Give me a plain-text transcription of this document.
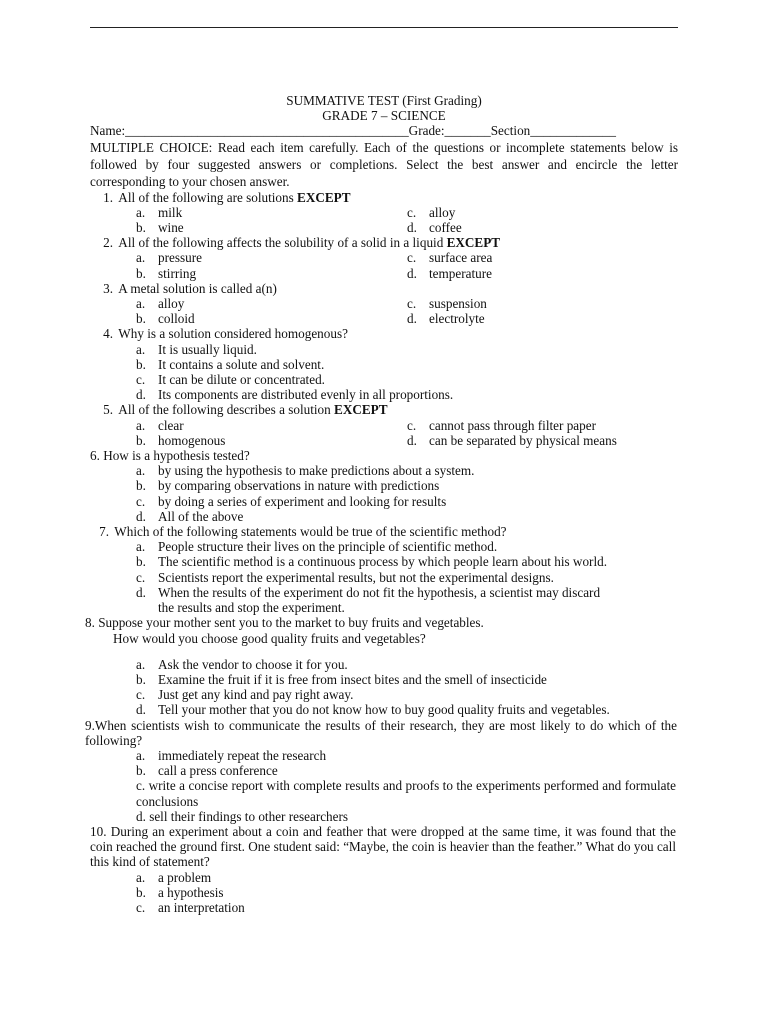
SUMMATIVE TEST (First Grading)
GRADE 7 – SCIENCE
Name:___________________________________________Grade:_______Section_____________
MULTIPLE CHOICE: Read each item carefully. Each of the questions or incomplete statements below is followed by four suggested answers or completions. Select the best answer and encircle the letter corresponding to your chosen answer.
1. All of the following are solutions EXCEPT

a. milk	c. alloy

b. wine	d. coffee
2. All of the following affects the solubility of a solid in a liquid EXCEPT

a. pressure	c. surface area

b. stirring	d. temperature
3. A metal solution is called a(n)

a. alloy	c. suspension

b. colloid	d. electrolyte
4. Why is a solution considered homogenous?

a. It is usually liquid.

b. It contains a solute and solvent.

c. It can be dilute or concentrated.

d. Its components are distributed evenly in all proportions.
5. All of the following describes a solution EXCEPT

a. clear	c. cannot pass through filter paper

b. homogenous	d. can be separated by physical means
6. How is a hypothesis tested?

a. by using the hypothesis to make predictions about a system.

b. by comparing observations in nature with predictions

c. by doing a series of experiment and looking for results

d. All of the above
7. Which of the following statements would be true of the scientific method?

a. People structure their lives on the principle of scientific method.

b. The scientific method is a continuous process by which people learn about his world.

c. Scientists report the experimental results, but not the experimental designs.

d. When the results of the experiment do not fit the hypothesis, a scientist may discard

the results and stop the experiment.
8. Suppose your mother sent you to the market to buy fruits and vegetables.
How would you choose good quality fruits and vegetables?

a. Ask the vendor to choose it for you.

b. Examine the fruit if it is free from insect bites and the smell of insecticide

c. Just get any kind and pay right away.

d. Tell your mother that you do not know how to buy good quality fruits and vegetables.
9.When scientists wish to communicate the results of their research, they are most likely to do which of the following?

a. immediately repeat the research

b. call a press conference
c. write a concise report with complete results and proofs to the experiments performed and formulate conclusions
d. sell their findings to other researchers
10. During an experiment about a coin and feather that were dropped at the same time, it was found that the coin reached the ground first. One student said: “Maybe, the coin is heavier than the feather.” What do you call this kind of statement?

a. a problem

b. a hypothesis

c. an interpretation
